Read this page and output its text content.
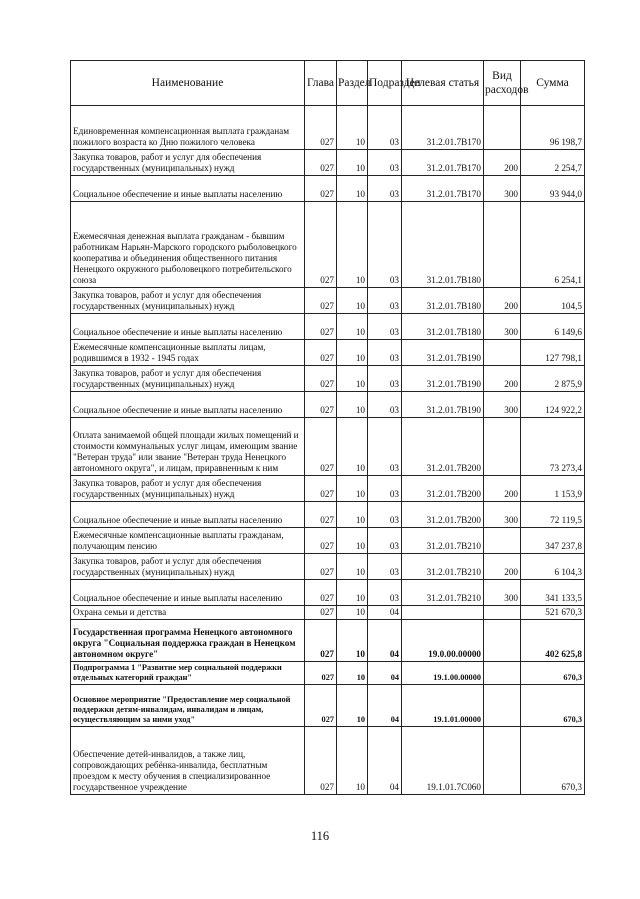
Наименование	Глава	Раздел	Подраздел	Целевая статья	Вид расходов	Сумма
Единовременная компенсационная выплата гражданам пожилого возраста ко Дню пожилого человека	027	10	03	31.2.01.7В170		96 198,7
Закупка товаров, работ и услуг для обеспечения государственных (муниципальных) нужд	027	10	03	31.2.01.7В170	200	2 254,7
Социальное обеспечение и иные выплаты населению	027	10	03	31.2.01.7В170	300	93 944,0
Ежемесячная денежная выплата гражданам - бывшим работникам Нарьян-Марского городского рыболовецкого кооператива и объединения общественного питания Ненецкого окружного рыболовецкого потребительского союза	027	10	03	31.2.01.7В180		6 254,1
Закупка товаров, работ и услуг для обеспечения государственных (муниципальных) нужд	027	10	03	31.2.01.7В180	200	104,5
Социальное обеспечение и иные выплаты населению	027	10	03	31.2.01.7В180	300	6 149,6
Ежемесячные компенсационные выплаты лицам, родившимся в 1932 - 1945 годах	027	10	03	31.2.01.7В190		127 798,1
Закупка товаров, работ и услуг для обеспечения государственных (муниципальных) нужд	027	10	03	31.2.01.7В190	200	2 875,9
Социальное обеспечение и иные выплаты населению	027	10	03	31.2.01.7В190	300	124 922,2
Оплата занимаемой общей площади жилых помещений и стоимости коммунальных услуг лицам, имеющим звание "Ветеран труда" или звание "Ветеран труда Ненецкого автономного округа", и лицам, приравненным к ним	027	10	03	31.2.01.7В200		73 273,4
Закупка товаров, работ и услуг для обеспечения государственных (муниципальных) нужд	027	10	03	31.2.01.7В200	200	1 153,9
Социальное обеспечение и иные выплаты населению	027	10	03	31.2.01.7В200	300	72 119,5
Ежемесячные компенсационные выплаты гражданам, получающим пенсию	027	10	03	31.2.01.7В210		347 237,8
Закупка товаров, работ и услуг для обеспечения государственных (муниципальных) нужд	027	10	03	31.2.01.7В210	200	6 104,3
Социальное обеспечение и иные выплаты населению	027	10	03	31.2.01.7В210	300	341 133,5
Охрана семьи и детства	027	10	04			521 670,3
Государственная программа Ненецкого автономного округа "Социальная поддержка граждан в Ненецком автономном округе"	027	10	04	19.0.00.00000		402 625,8
Подпрограмма 1 "Развитие мер социальной поддержки отдельных категорий граждан"	027	10	04	19.1.00.00000		670,3
Основное мероприятие "Предоставление мер социальной поддержки детям-инвалидам, инвалидам и лицам, осуществляющим за ними уход"	027	10	04	19.1.01.00000		670,3
Обеспечение детей-инвалидов, а также лиц, сопровождающих ребёнка-инвалида, бесплатным проездом к месту обучения в специализированное государственное учреждение	027	10	04	19.1.01.7С060		670,3
116
